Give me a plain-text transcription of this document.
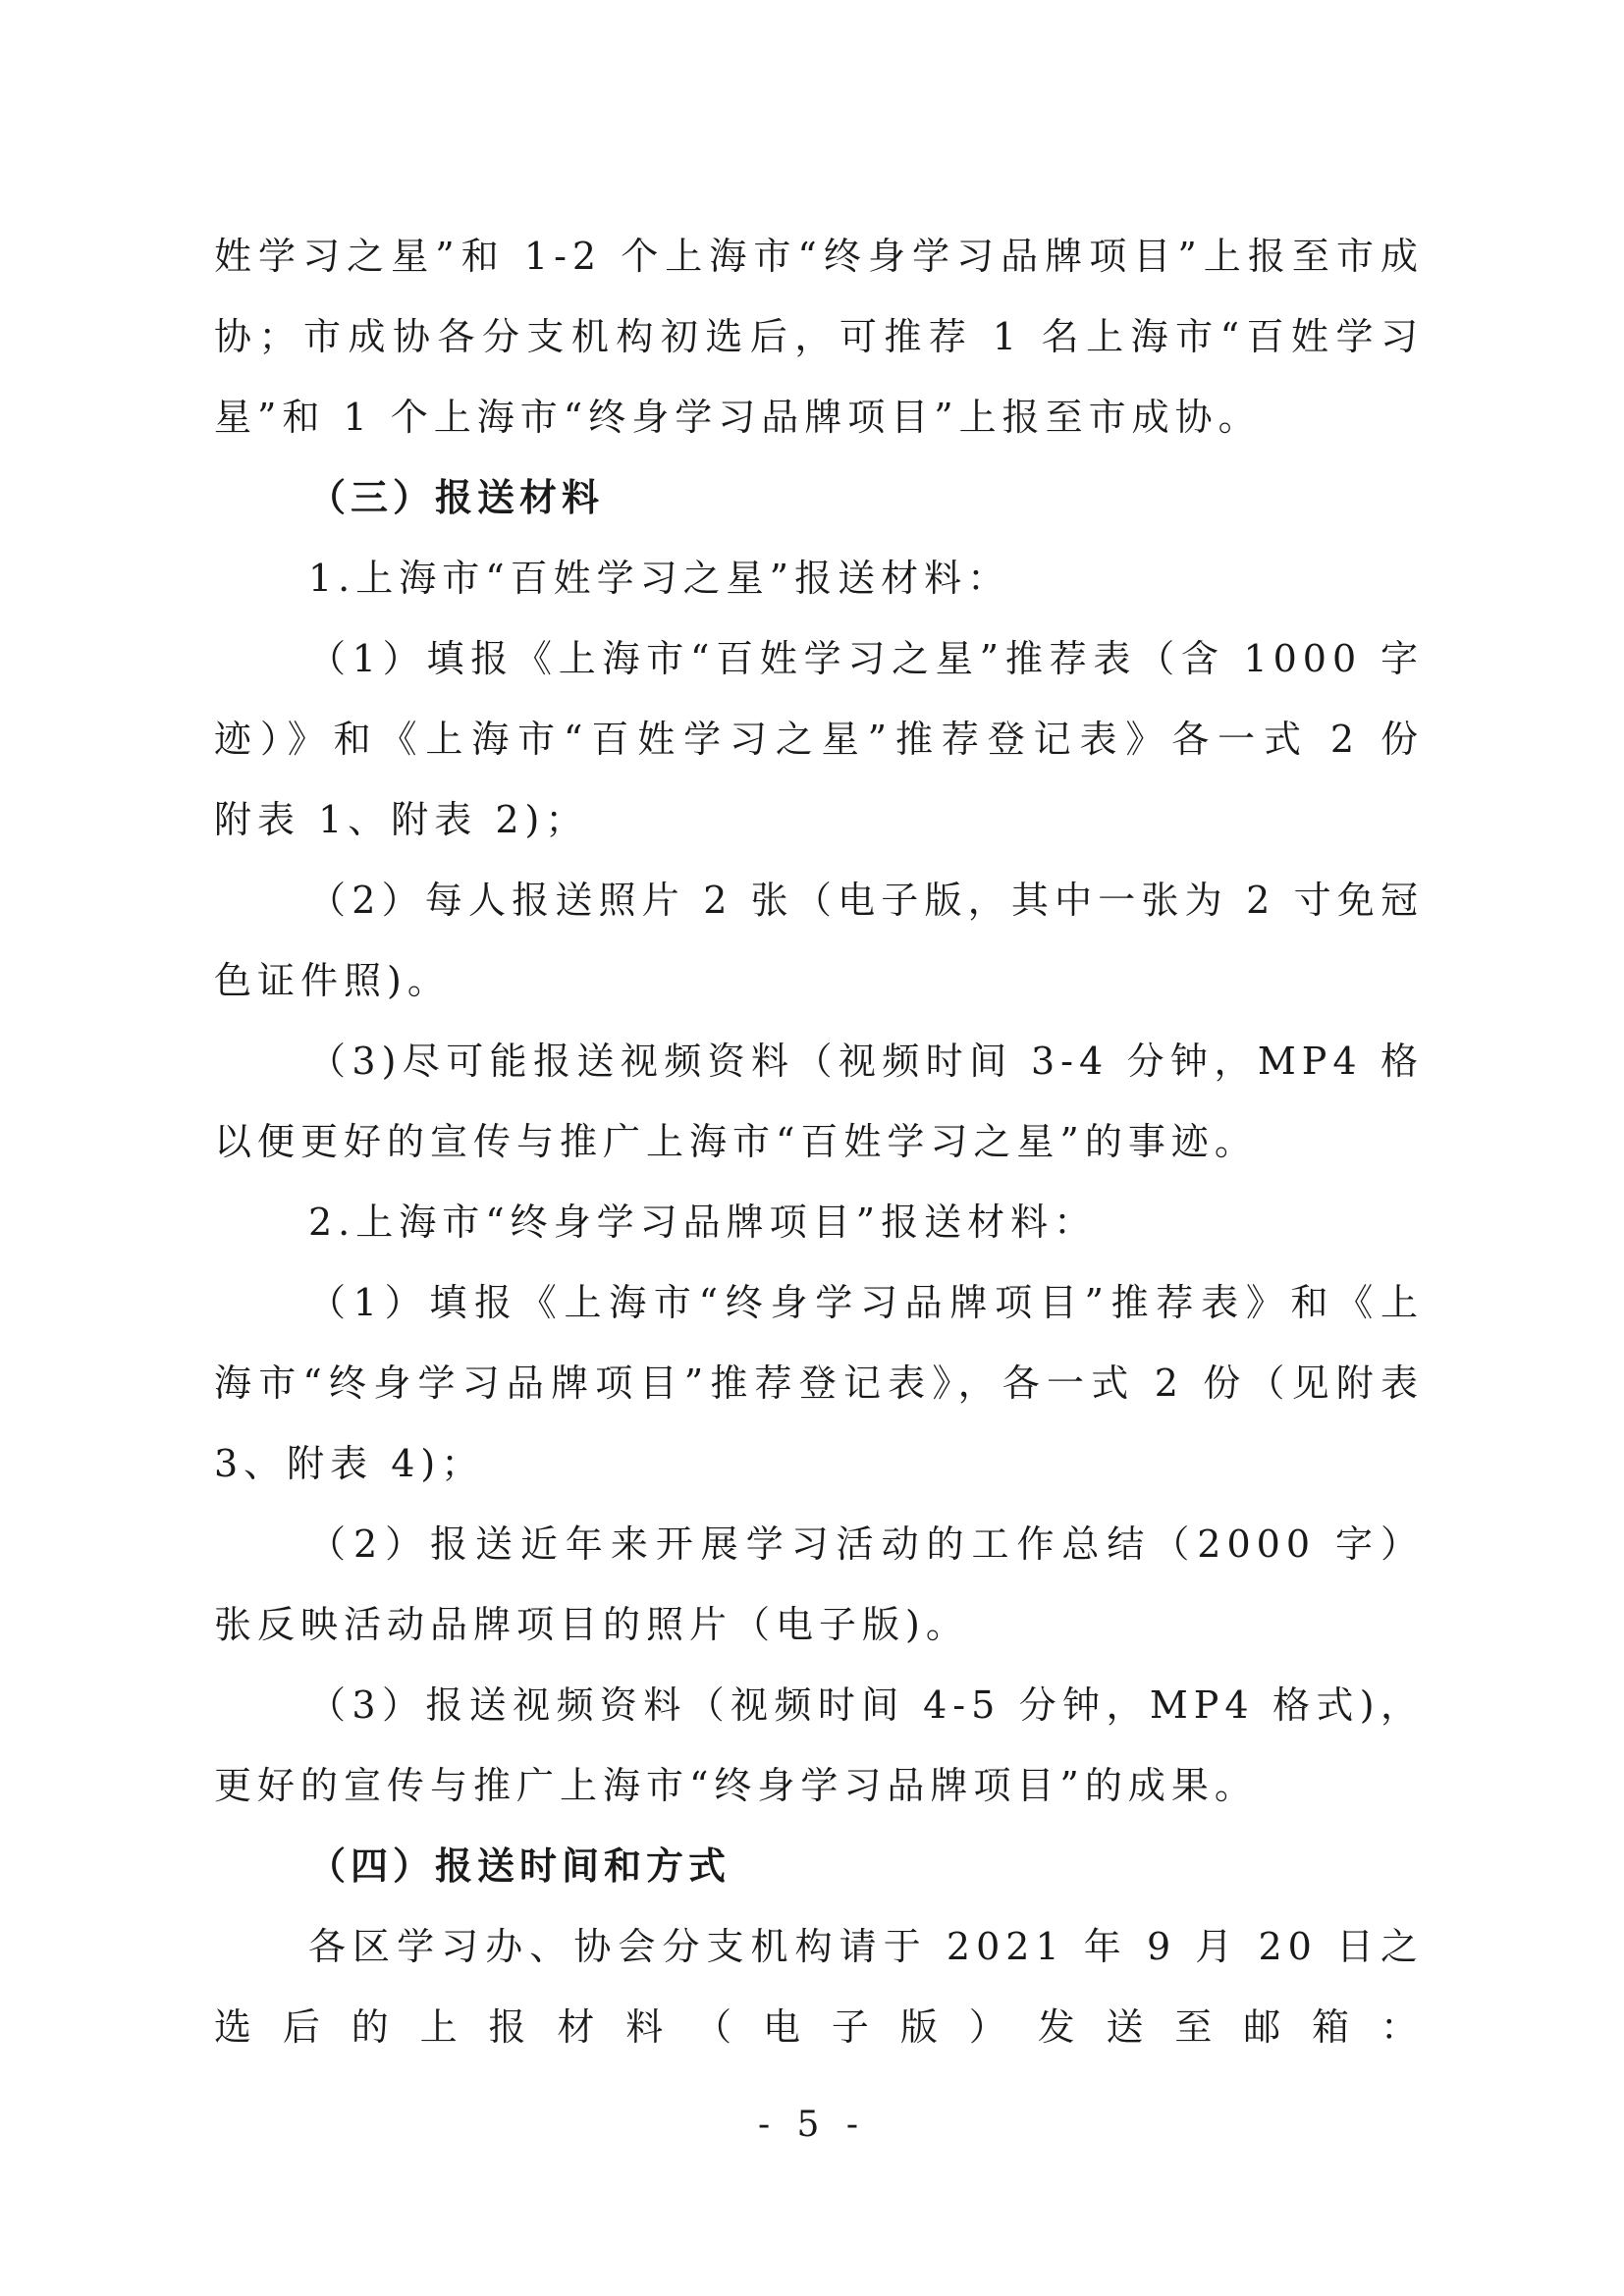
姓学习之星”和 1-2 个上海市“终身学习品牌项目”上报至市成
协；市成协各分支机构初选后，可推荐 1 名上海市“百姓学习
星”和 1 个上海市“终身学习品牌项目”上报至市成协。
（三）报送材料
1.上海市“百姓学习之星”报送材料：
（1）填报《上海市“百姓学习之星”推荐表（含 1000 字
迹）》和《上海市“百姓学习之星”推荐登记表》各一式 2 份
附表 1、附表 2)；
（2）每人报送照片 2 张（电子版，其中一张为 2 寸免冠
色证件照)。
（3)尽可能报送视频资料（视频时间 3-4 分钟，MP4 格
以便更好的宣传与推广上海市“百姓学习之星”的事迹。
2.上海市“终身学习品牌项目”报送材料：
（1）填报《上海市“终身学习品牌项目”推荐表》和《上
海市“终身学习品牌项目”推荐登记表》，各一式 2 份（见附表
3、附表 4)；
（2）报送近年来开展学习活动的工作总结（2000 字）
张反映活动品牌项目的照片（电子版)。
（3）报送视频资料（视频时间 4-5 分钟，MP4 格式)，
更好的宣传与推广上海市“终身学习品牌项目”的成果。
（四）报送时间和方式
各区学习办、协会分支机构请于 2021 年 9 月 20 日之
选后的上报材料（电子版）发送至邮箱：
- 5 -
